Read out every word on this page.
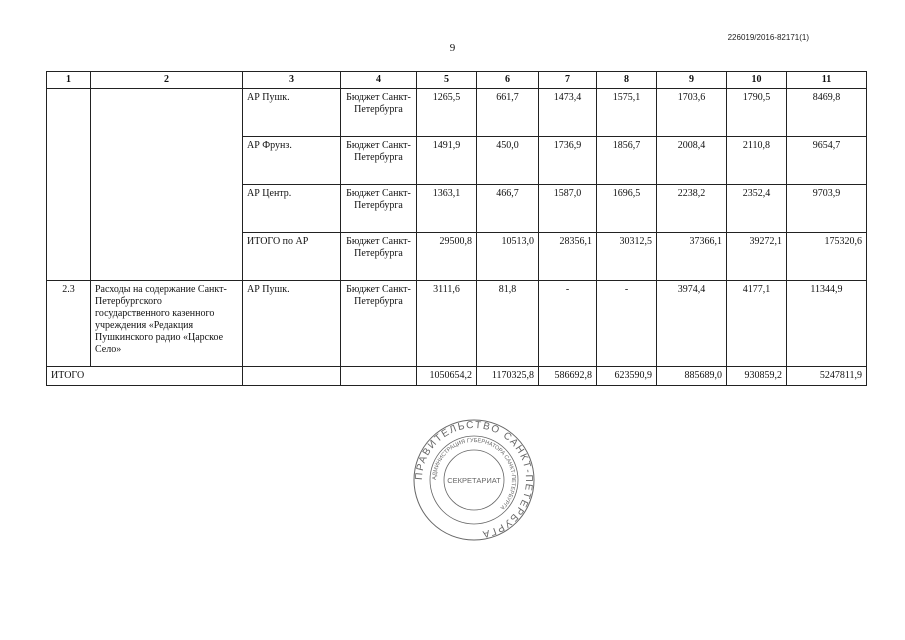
226019/2016-82171(1)
9
1	2	3	4	5	6	7	8	9	10	11
		АР Пушк.	Бюджет Санкт-Петербурга	1265,5	661,7	1473,4	1575,1	1703,6	1790,5	8469,8
		АР Фрунз.	Бюджет Санкт-Петербурга	1491,9	450,0	1736,9	1856,7	2008,4	2110,8	9654,7
		АР Центр.	Бюджет Санкт-Петербурга	1363,1	466,7	1587,0	1696,5	2238,2	2352,4	9703,9
		ИТОГО по АР	Бюджет Санкт-Петербурга	29500,8	10513,0	28356,1	30312,5	37366,1	39272,1	175320,6
2.3	Расходы на содержание Санкт-Петербургского государственного казенного учреждения «Редакция Пушкинского радио «Царское Село»	АР Пушк.	Бюджет Санкт-Петербурга	3111,6	81,8	-	-	3974,4	4177,1	11344,9
ИТОГО				1050654,2	1170325,8	586692,8	623590,9	885689,0	930859,2	5247811,9
ПРАВИТЕЛЬСТВО САНКТ-ПЕТЕРБУРГА
АДМИНИСТРАЦИЯ ГУБЕРНАТОРА САНКТ-ПЕТЕРБУРГА
СЕКРЕТАРИАТ
